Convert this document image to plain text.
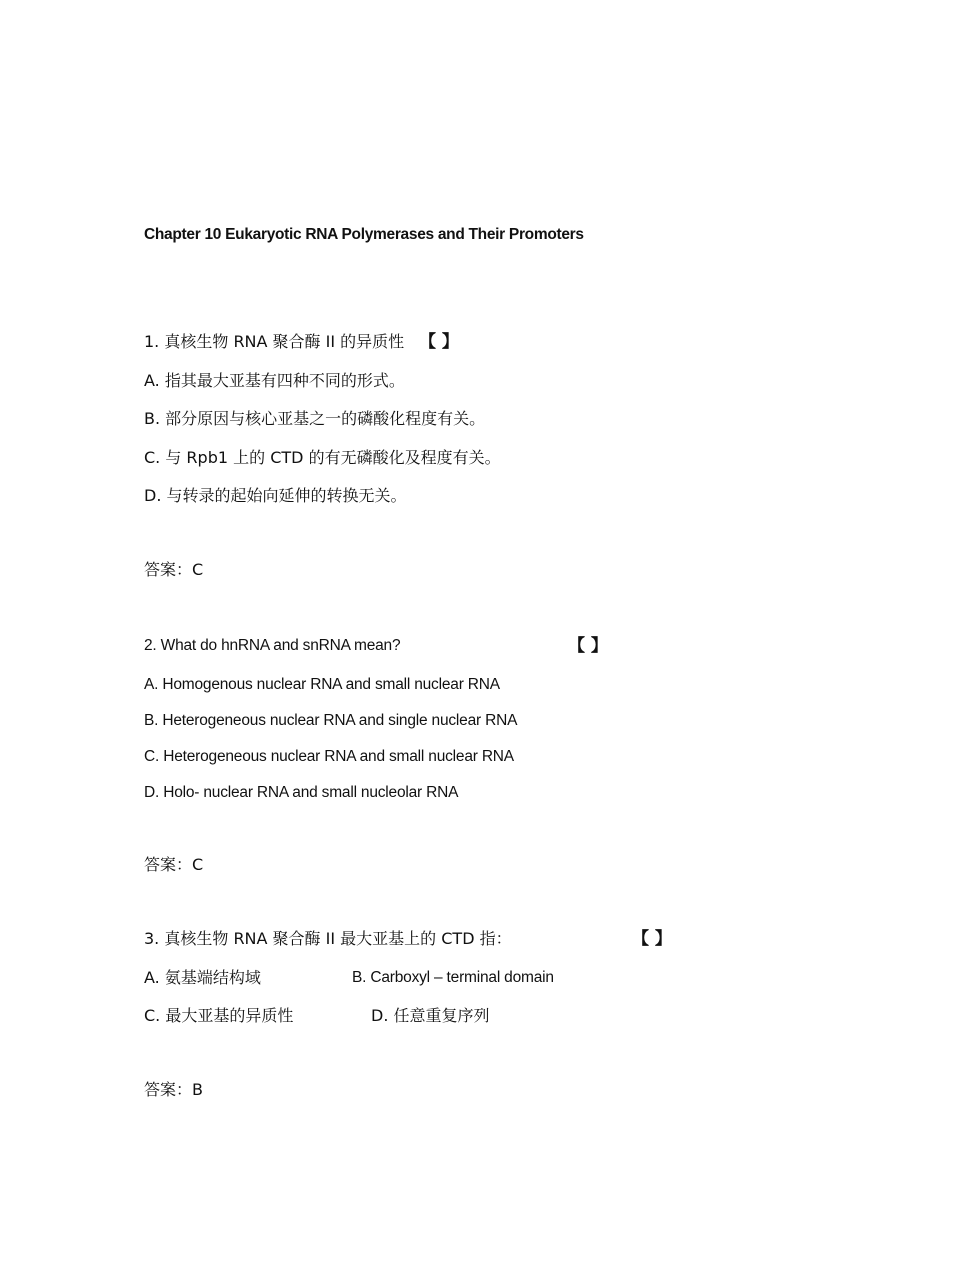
Chapter 10 Eukaryotic RNA Polymerases and Their Promoters
1. 真核生物 RNA 聚合酶 II 的异质性 【 】
A. 指其最大亚基有四种不同的形式。
B. 部分原因与核心亚基之一的磷酸化程度有关。
C. 与 Rpb1 上的 CTD 的有无磷酸化及程度有关。
D. 与转录的起始向延伸的转换无关。
答案：C
2. What do hnRNA and snRNA mean?	【 】
A. Homogenous nuclear RNA and small nuclear RNA
B. Heterogeneous nuclear RNA and single nuclear RNA
C. Heterogeneous nuclear RNA and small nuclear RNA
D. Holo- nuclear RNA and small nucleolar RNA
答案：C
3. 真核生物 RNA 聚合酶 II 最大亚基上的 CTD 指：	【 】
A. 氨基端结构域	B. Carboxyl – terminal domain
C. 最大亚基的异质性	D. 任意重复序列
答案：B
